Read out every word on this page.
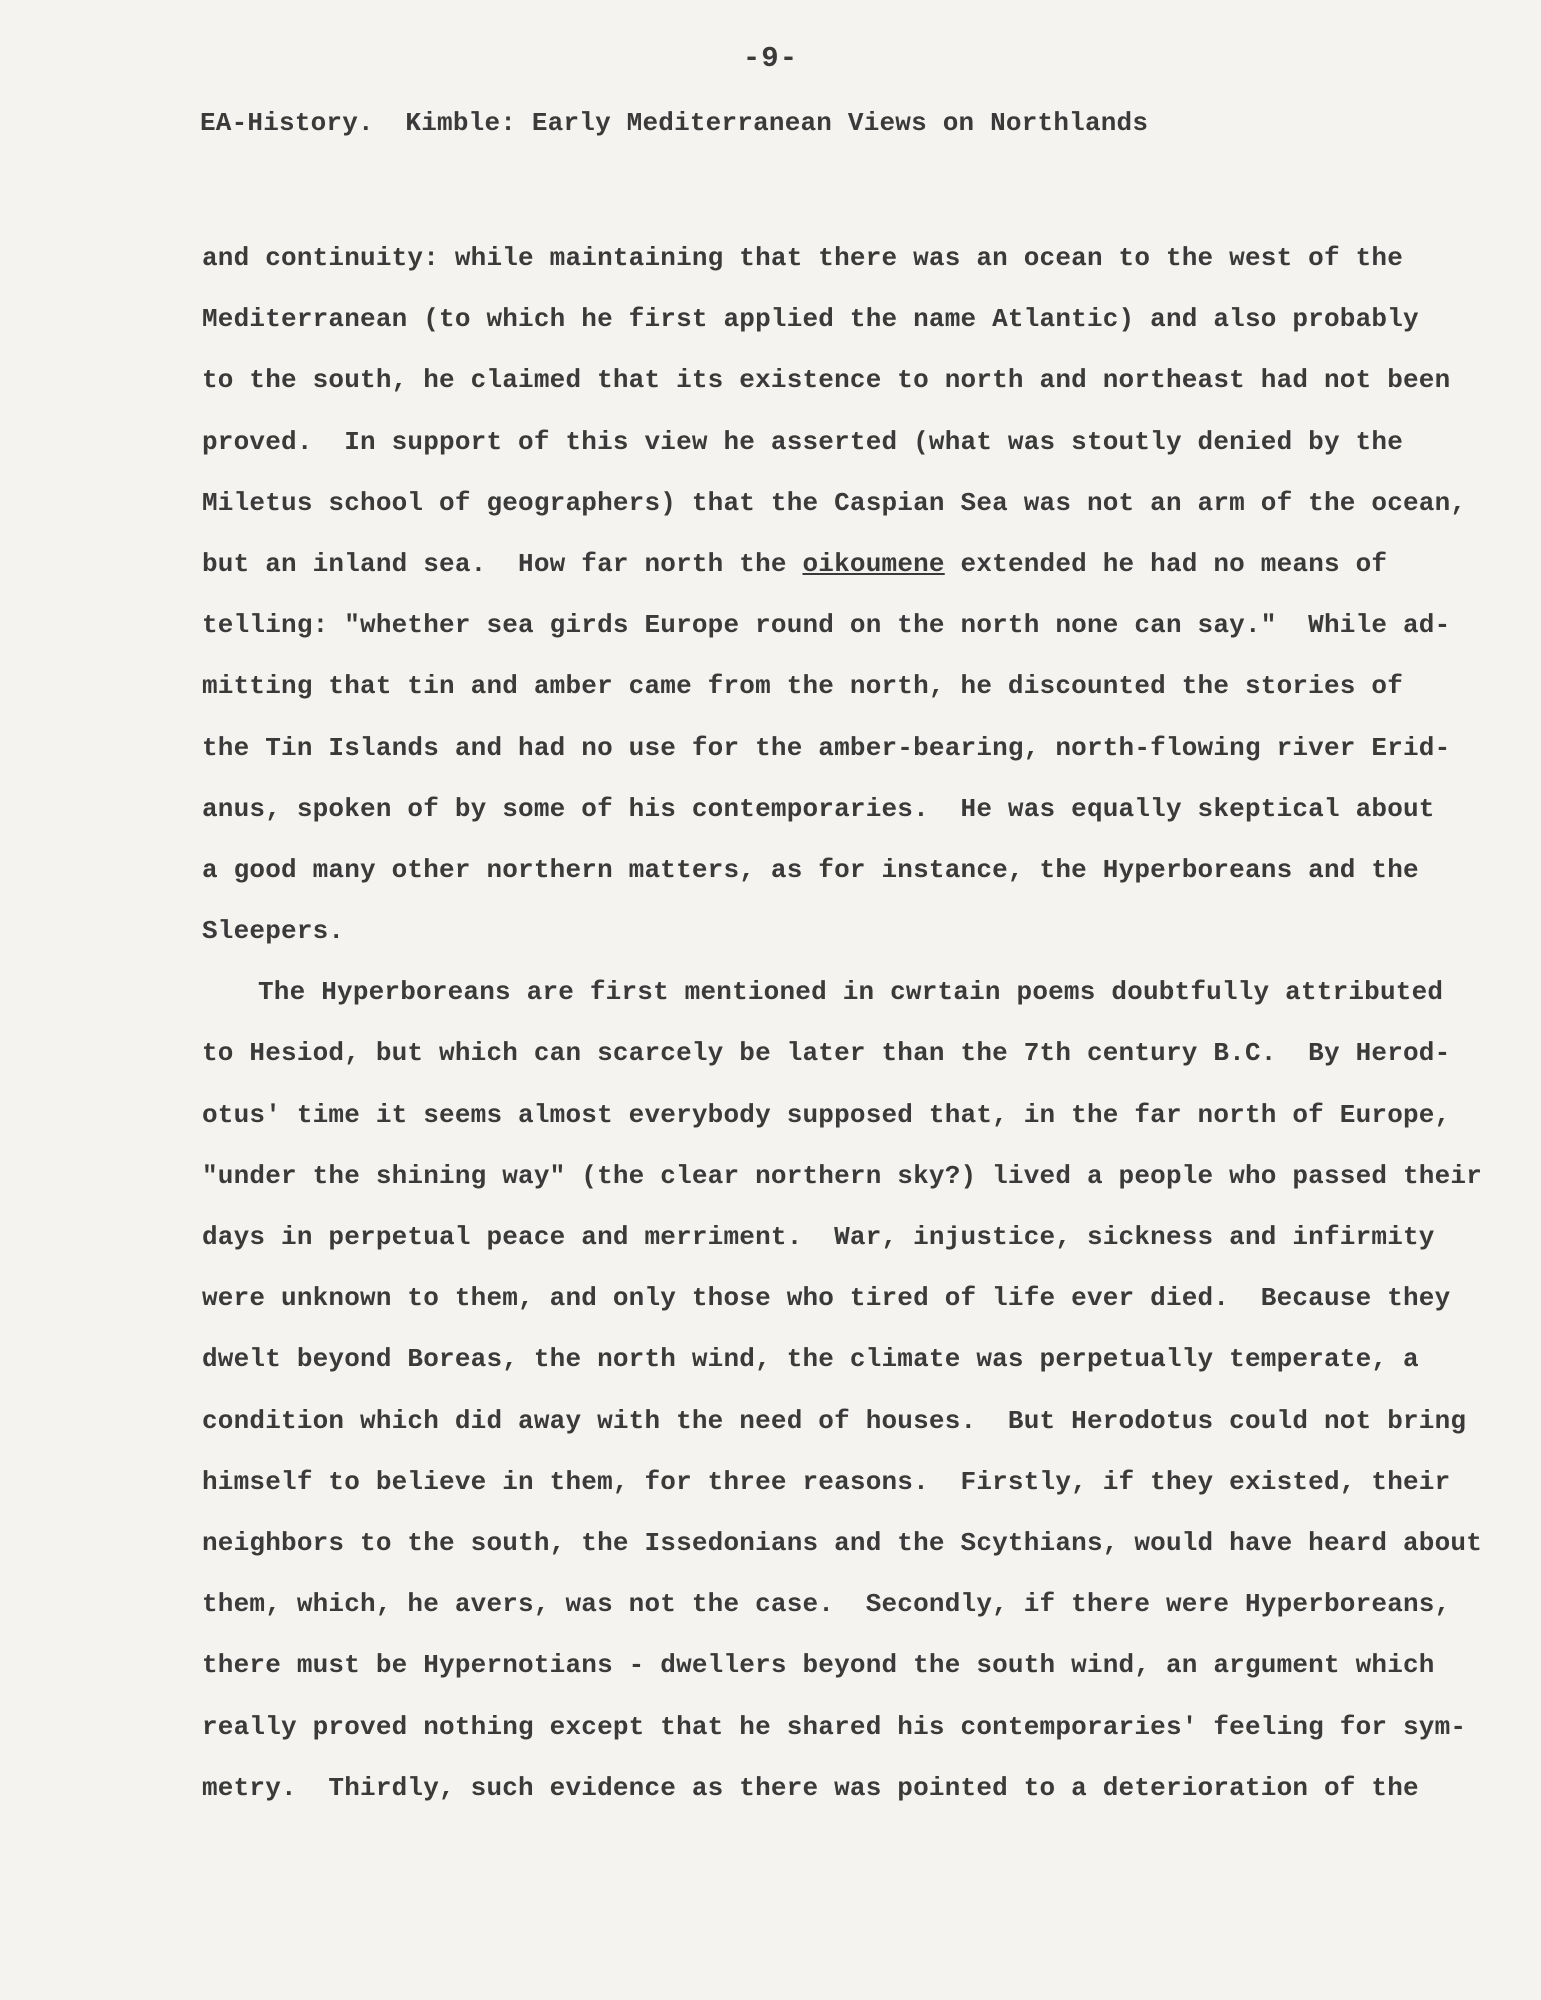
-9-
EA-History.  Kimble: Early Mediterranean Views on Northlands
and continuity: while maintaining that there was an ocean to the west of the
Mediterranean (to which he first applied the name Atlantic) and also probably
to the south, he claimed that its existence to north and northeast had not been
proved.  In support of this view he asserted (what was stoutly denied by the
Miletus school of geographers) that the Caspian Sea was not an arm of the ocean,
but an inland sea.  How far north the oikoumene extended he had no means of
telling: "whether sea girds Europe round on the north none can say."  While ad-
mitting that tin and amber came from the north, he discounted the stories of
the Tin Islands and had no use for the amber-bearing, north-flowing river Erid-
anus, spoken of by some of his contemporaries.  He was equally skeptical about
a good many other northern matters, as for instance, the Hyperboreans and the
Sleepers.
The Hyperboreans are first mentioned in cwrtain poems doubtfully attributed
to Hesiod, but which can scarcely be later than the 7th century B.C.  By Herod-
otus' time it seems almost everybody supposed that, in the far north of Europe,
"under the shining way" (the clear northern sky?) lived a people who passed their
days in perpetual peace and merriment.  War, injustice, sickness and infirmity
were unknown to them, and only those who tired of life ever died.  Because they
dwelt beyond Boreas, the north wind, the climate was perpetually temperate, a
condition which did away with the need of houses.  But Herodotus could not bring
himself to believe in them, for three reasons.  Firstly, if they existed, their
neighbors to the south, the Issedonians and the Scythians, would have heard about
them, which, he avers, was not the case.  Secondly, if there were Hyperboreans,
there must be Hypernotians - dwellers beyond the south wind, an argument which
really proved nothing except that he shared his contemporaries' feeling for sym-
metry.  Thirdly, such evidence as there was pointed to a deterioration of the
